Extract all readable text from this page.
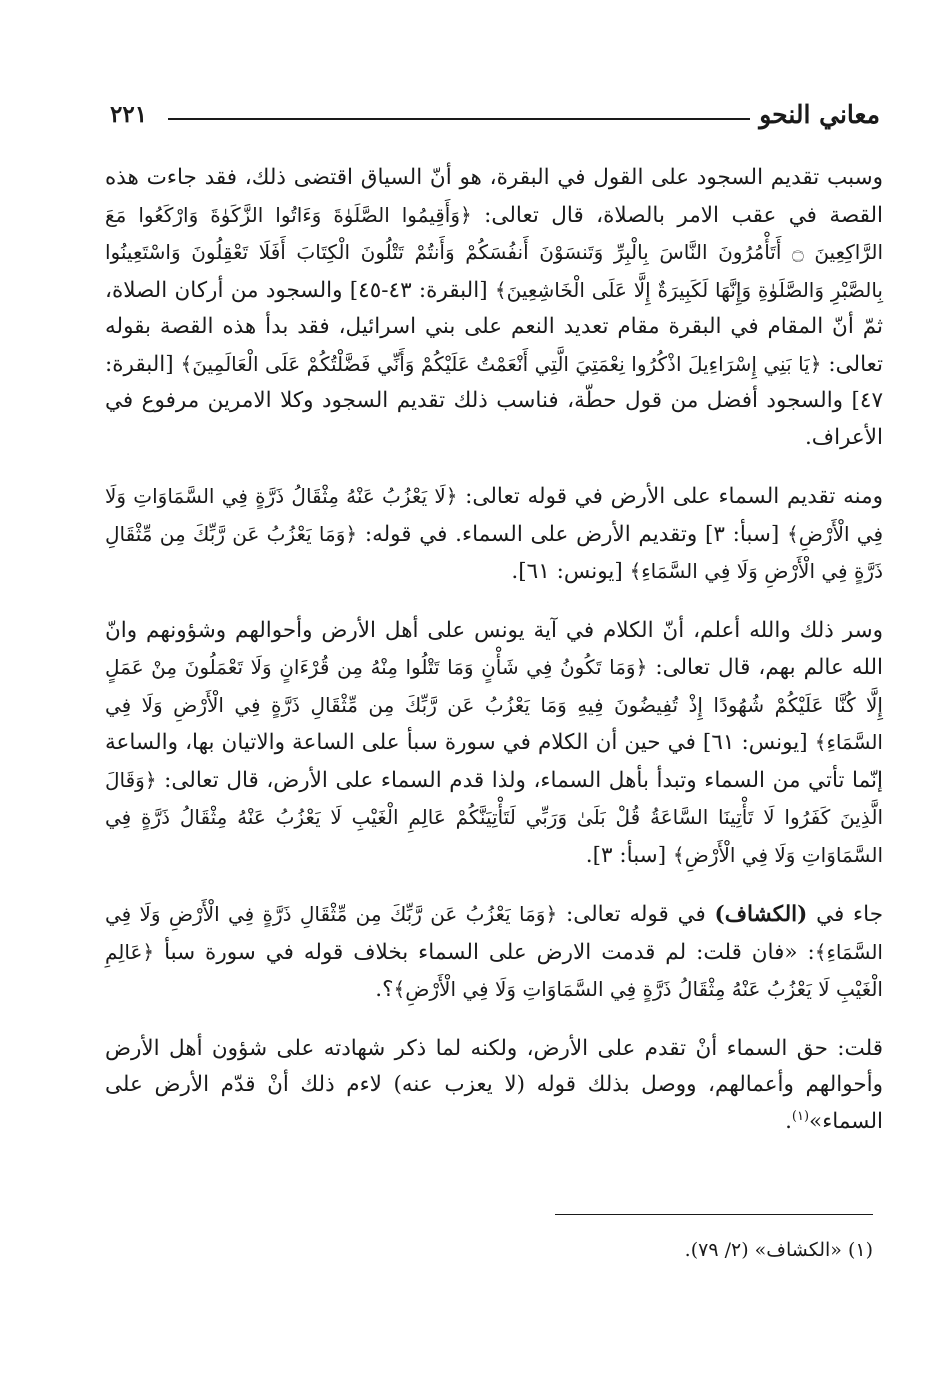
معاني النحو
٢٢١

وسبب تقديم السجود على القول في البقرة، هو أنّ السياق اقتضى ذلك، فقد جاءت هذه القصة في عقب الامر بالصلاة، قال تعالى: ﴿وَأَقِيمُوا الصَّلَوٰةَ وَءَاتُوا الزَّكَوٰةَ وَارْكَعُوا مَعَ الرَّاكِعِينَ ۝ أَتَأْمُرُونَ النَّاسَ بِالْبِرِّ وَتَنسَوْنَ أَنفُسَكُمْ وَأَنتُمْ تَتْلُونَ الْكِتَابَ أَفَلَا تَعْقِلُونَ وَاسْتَعِينُوا بِالصَّبْرِ وَالصَّلَوٰةِ وَإِنَّهَا لَكَبِيرَةٌ إِلَّا عَلَى الْخَاشِعِينَ﴾ [البقرة: ٤٣-٤٥] والسجود من أركان الصلاة، ثمّ أنّ المقام في البقرة مقام تعديد النعم على بني اسرائيل، فقد بدأ هذه القصة بقوله تعالى: ﴿يَا بَنِي إِسْرَاءِيلَ اذْكُرُوا نِعْمَتِيَ الَّتِي أَنْعَمْتُ عَلَيْكُمْ وَأَنِّي فَضَّلْتُكُمْ عَلَى الْعَالَمِينَ﴾ [البقرة: ٤٧] والسجود أفضل من قول حطّة، فناسب ذلك تقديم السجود وكلا الامرين مرفوع في الأعراف.

ومنه تقديم السماء على الأرض في قوله تعالى: ﴿لَا يَعْزُبُ عَنْهُ مِثْقَالُ ذَرَّةٍ فِي السَّمَاوَاتِ وَلَا فِي الْأَرْضِ﴾ [سبأ: ٣] وتقديم الأرض على السماء. في قوله: ﴿وَمَا يَعْزُبُ عَن رَّبِّكَ مِن مِّثْقَالِ ذَرَّةٍ فِي الْأَرْضِ وَلَا فِي السَّمَاءِ﴾ [يونس: ٦١].

وسر ذلك والله أعلم، أنّ الكلام في آية يونس على أهل الأرض وأحوالهم وشؤونهم وانّ الله عالم بهم، قال تعالى: ﴿وَمَا تَكُونُ فِي شَأْنٍ وَمَا تَتْلُوا مِنْهُ مِن قُرْءَانٍ وَلَا تَعْمَلُونَ مِنْ عَمَلٍ إِلَّا كُنَّا عَلَيْكُمْ شُهُودًا إِذْ تُفِيضُونَ فِيهِ وَمَا يَعْزُبُ عَن رَّبِّكَ مِن مِّثْقَالِ ذَرَّةٍ فِي الْأَرْضِ وَلَا فِي السَّمَاءِ﴾ [يونس: ٦١] في حين أن الكلام في سورة سبأ على الساعة والاتيان بها، والساعة إنّما تأتي من السماء وتبدأ بأهل السماء، ولذا قدم السماء على الأرض، قال تعالى: ﴿وَقَالَ الَّذِينَ كَفَرُوا لَا تَأْتِينَا السَّاعَةُ قُلْ بَلَىٰ وَرَبِّي لَتَأْتِيَنَّكُمْ عَالِمِ الْغَيْبِ لَا يَعْزُبُ عَنْهُ مِثْقَالُ ذَرَّةٍ فِي السَّمَاوَاتِ وَلَا فِي الْأَرْضِ﴾ [سبأ: ٣].

جاء في (الكشاف) في قوله تعالى: ﴿وَمَا يَعْزُبُ عَن رَّبِّكَ مِن مِّثْقَالِ ذَرَّةٍ فِي الْأَرْضِ وَلَا فِي السَّمَاءِ﴾: «فان قلت: لم قدمت الارض على السماء بخلاف قوله في سورة سبأ ﴿عَالِمِ الْغَيْبِ لَا يَعْزُبُ عَنْهُ مِثْقَالُ ذَرَّةٍ فِي السَّمَاوَاتِ وَلَا فِي الْأَرْضِ﴾؟.

قلت: حق السماء أنْ تقدم على الأرض، ولكنه لما ذكر شهادته على شؤون أهل الأرض وأحوالهم وأعمالهم، ووصل بذلك قوله (لا يعزب عنه) لاءم ذلك أنْ قدّم الأرض على السماء»$^{(١)}$.

(١) «الكشاف» (٢/ ٧٩).
